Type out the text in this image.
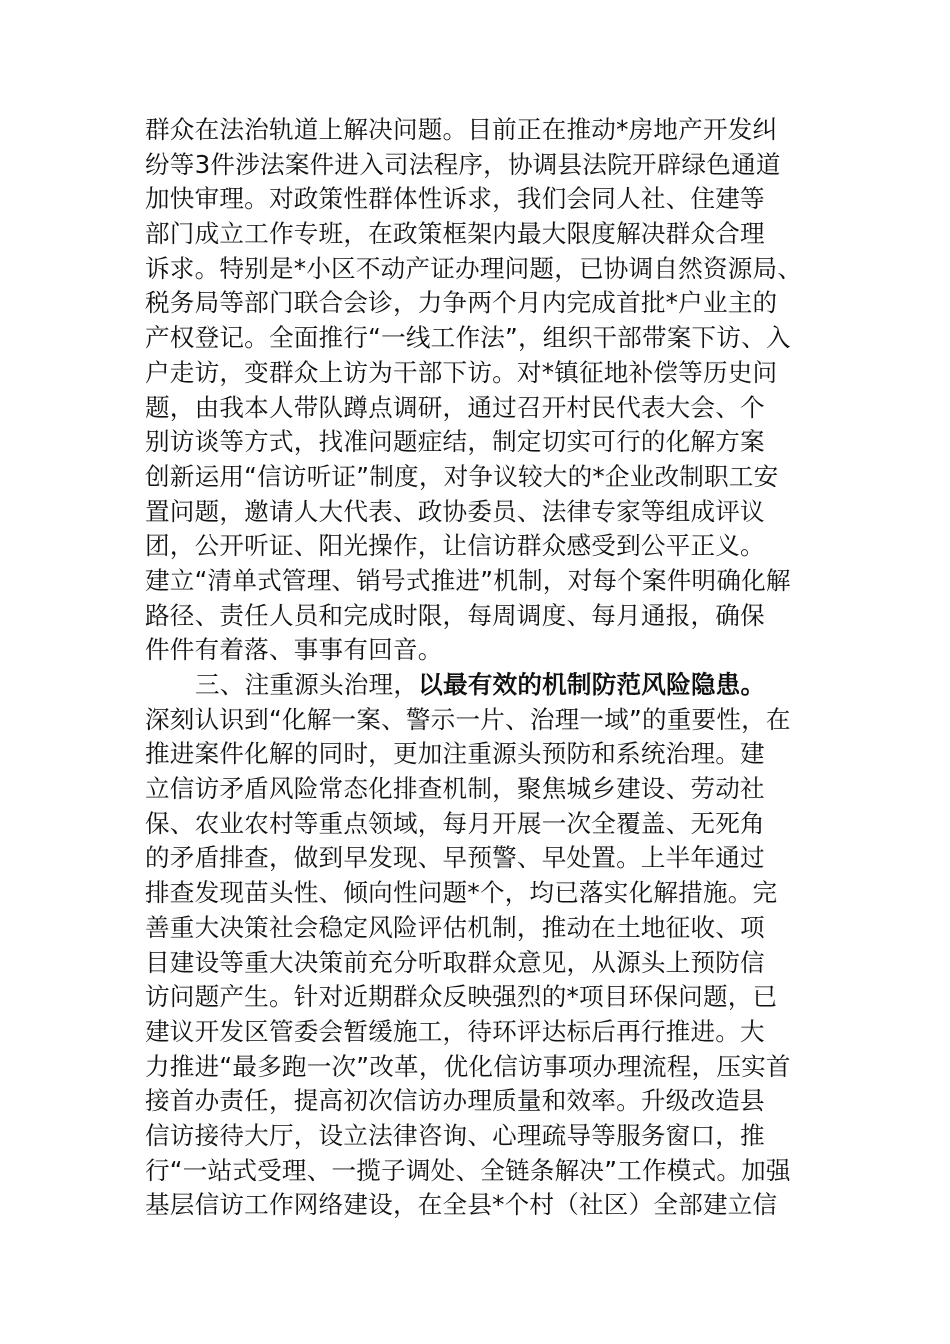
群众在法治轨道上解决问题。目前正在推动*房地产开发纠
纷等3件涉法案件进入司法程序，协调县法院开辟绿色通道
加快审理。对政策性群体性诉求，我们会同人社、住建等
部门成立工作专班，在政策框架内最大限度解决群众合理
诉求。特别是*小区不动产证办理问题，已协调自然资源局、
税务局等部门联合会诊，力争两个月内完成首批*户业主的
产权登记。全面推行“一线工作法”，组织干部带案下访、入
户走访，变群众上访为干部下访。对*镇征地补偿等历史问
题，由我本人带队蹲点调研，通过召开村民代表大会、个
别访谈等方式，找准问题症结，制定切实可行的化解方案
创新运用“信访听证”制度，对争议较大的*企业改制职工安
置问题，邀请人大代表、政协委员、法律专家等组成评议
团，公开听证、阳光操作，让信访群众感受到公平正义。
建立“清单式管理、销号式推进”机制，对每个案件明确化解
路径、责任人员和完成时限，每周调度、每月通报，确保
件件有着落、事事有回音。
三、注重源头治理，以最有效的机制防范风险隐患。
深刻认识到“化解一案、警示一片、治理一域”的重要性，在
推进案件化解的同时，更加注重源头预防和系统治理。建
立信访矛盾风险常态化排查机制，聚焦城乡建设、劳动社
保、农业农村等重点领域，每月开展一次全覆盖、无死角
的矛盾排查，做到早发现、早预警、早处置。上半年通过
排查发现苗头性、倾向性问题*个，均已落实化解措施。完
善重大决策社会稳定风险评估机制，推动在土地征收、项
目建设等重大决策前充分听取群众意见，从源头上预防信
访问题产生。针对近期群众反映强烈的*项目环保问题，已
建议开发区管委会暂缓施工，待环评达标后再行推进。大
力推进“最多跑一次”改革，优化信访事项办理流程，压实首
接首办责任，提高初次信访办理质量和效率。升级改造县
信访接待大厅，设立法律咨询、心理疏导等服务窗口，推
行“一站式受理、一揽子调处、全链条解决”工作模式。加强
基层信访工作网络建设，在全县*个村（社区）全部建立信
